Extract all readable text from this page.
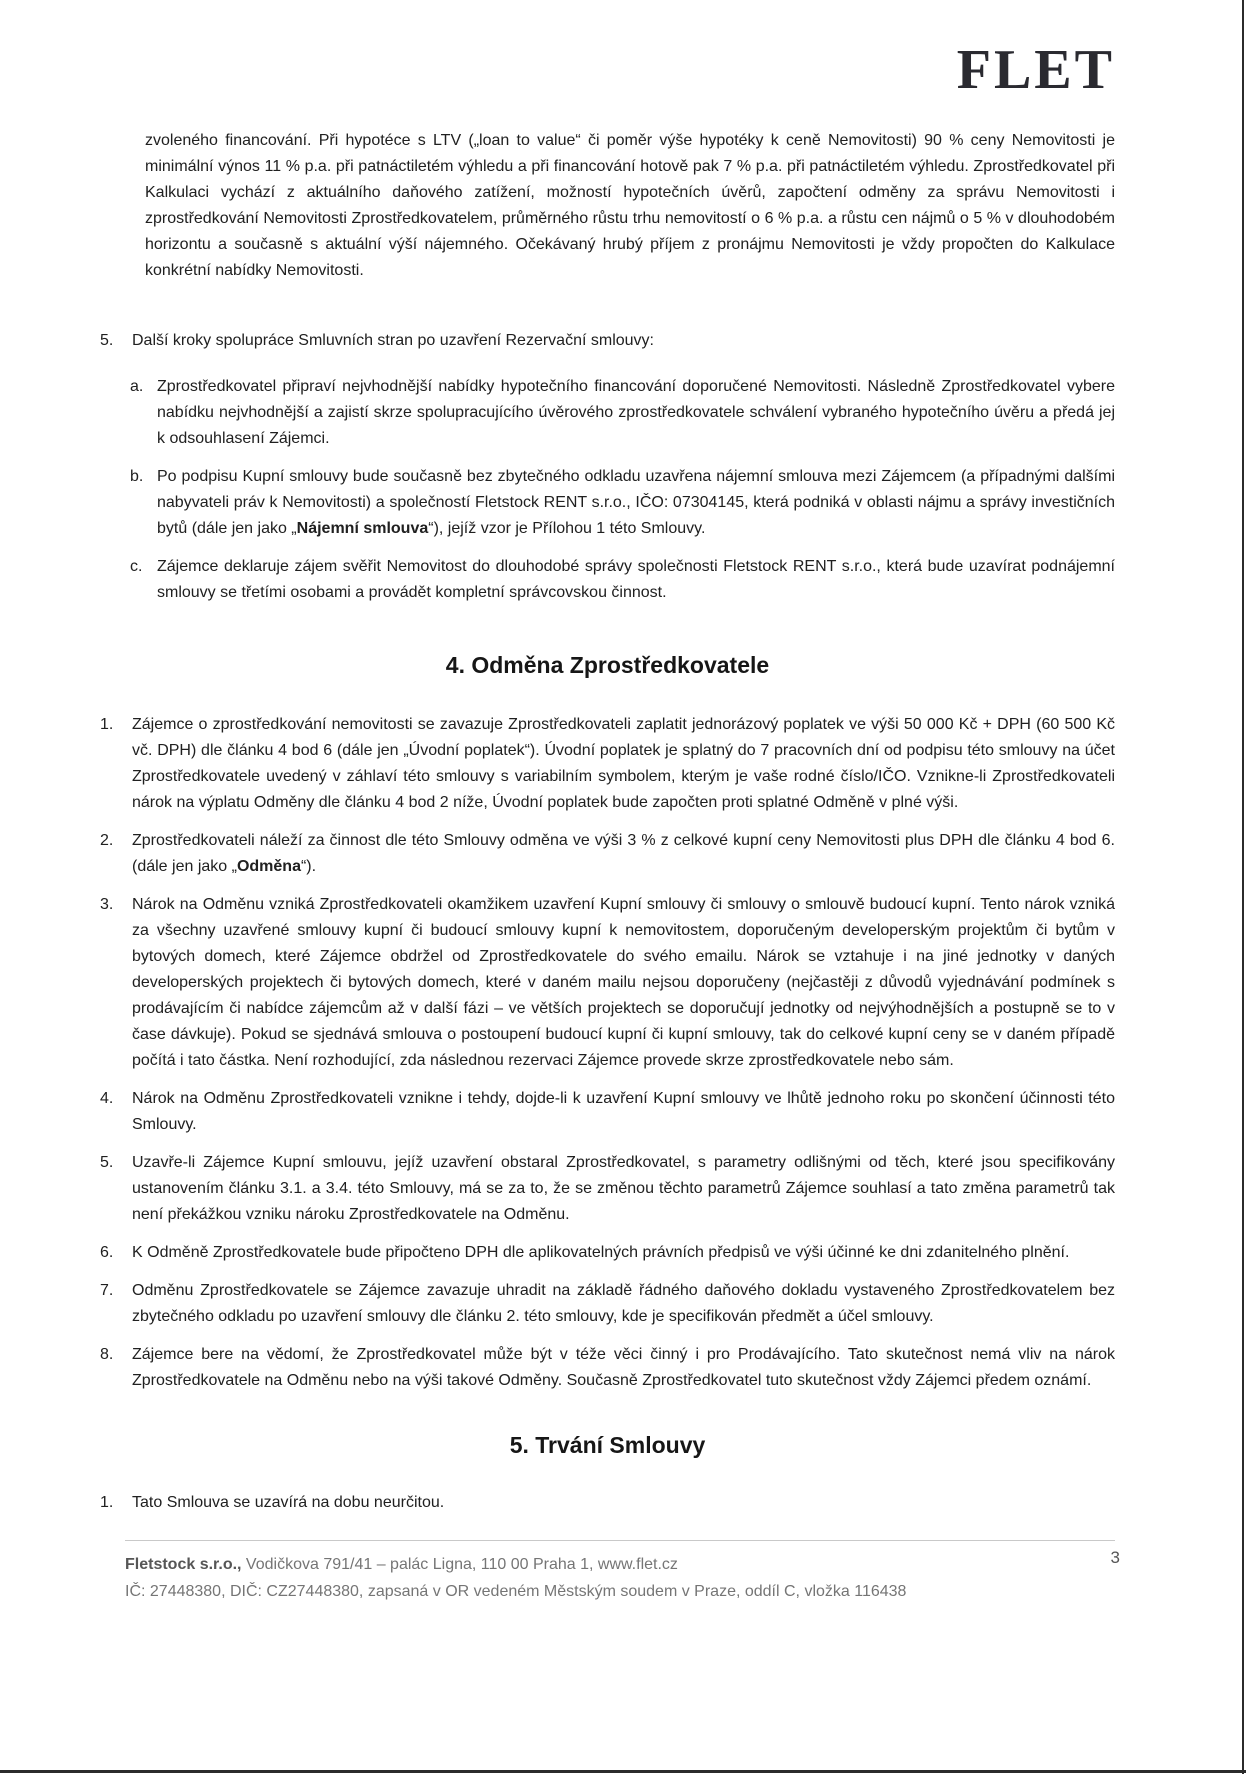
FLET

zvoleného financování. Při hypotéce s LTV („loan to value“ či poměr výše hypotéky k ceně Nemovitosti) 90 % ceny Nemovitosti je minimální výnos 11 % p.a. při patnáctiletém výhledu a při financování hotově pak 7 % p.a. při patnáctiletém výhledu. Zprostředkovatel při Kalkulaci vychází z aktuálního daňového zatížení, možností hypotečních úvěrů, započtení odměny za správu Nemovitosti i zprostředkování Nemovitosti Zprostředkovatelem, průměrného růstu trhu nemovitostí o 6 % p.a. a růstu cen nájmů o 5 % v dlouhodobém horizontu a současně s aktuální výší nájemného. Očekávaný hrubý příjem z pronájmu Nemovitosti je vždy propočten do Kalkulace konkrétní nabídky Nemovitosti.

5.	Další kroky spolupráce Smluvních stran po uzavření Rezervační smlouvy:
a. Zprostředkovatel připraví nejvhodnější nabídky hypotečního financování doporučené Nemovitosti. Následně Zprostředkovatel vybere nabídku nejvhodnější a zajistí skrze spolupracujícího úvěrového zprostředkovatele schválení vybraného hypotečního úvěru a předá jej k odsouhlasení Zájemci.
b. Po podpisu Kupní smlouvy bude současně bez zbytečného odkladu uzavřena nájemní smlouva mezi Zájemcem (a případnými dalšími nabyvateli práv k Nemovitosti) a společností Fletstock RENT s.r.o., IČO: 07304145, která podniká v oblasti nájmu a správy investičních bytů (dále jen jako „Nájemní smlouva“), jejíž vzor je Přílohou 1 této Smlouvy.
c. Zájemce deklaruje zájem svěřit Nemovitost do dlouhodobé správy společnosti Fletstock RENT s.r.o., která bude uzavírat podnájemní smlouvy se třetími osobami a provádět kompletní správcovskou činnost.
4. Odměna Zprostředkovatele
1.	Zájemce o zprostředkování nemovitosti se zavazuje Zprostředkovateli zaplatit jednorázový poplatek ve výši 50 000 Kč + DPH (60 500 Kč vč. DPH) dle článku 4 bod 6 (dále jen „Úvodní poplatek“). Úvodní poplatek je splatný do 7 pracovních dní od podpisu této smlouvy na účet Zprostředkovatele uvedený v záhlaví této smlouvy s variabilním symbolem, kterým je vaše rodné číslo/IČO. Vznikne-li Zprostředkovateli nárok na výplatu Odměny dle článku 4 bod 2 níže, Úvodní poplatek bude započten proti splatné Odměně v plné výši.
2.	Zprostředkovateli náleží za činnost dle této Smlouvy odměna ve výši 3 % z celkové kupní ceny Nemovitosti plus DPH dle článku 4 bod 6.(dále jen jako „Odměna“).
3.	Nárok na Odměnu vzniká Zprostředkovateli okamžikem uzavření Kupní smlouvy či smlouvy o smlouvě budoucí kupní. Tento nárok vzniká za všechny uzavřené smlouvy kupní či budoucí smlouvy kupní k nemovitostem, doporučeným developerským projektům či bytům v bytových domech, které Zájemce obdržel od Zprostředkovatele do svého emailu. Nárok se vztahuje i na jiné jednotky v daných developerských projektech či bytových domech, které v daném mailu nejsou doporučeny (nejčastěji z důvodů vyjednávání podmínek s prodávajícím či nabídce zájemcům až v další fázi – ve větších projektech se doporučují jednotky od nejvýhodnějších a postupně se to v čase dávkuje). Pokud se sjednává smlouva o postoupení budoucí kupní či kupní smlouvy, tak do celkové kupní ceny se v daném případě počítá i tato částka. Není rozhodující, zda následnou rezervaci Zájemce provede skrze zprostředkovatele nebo sám.
4.	Nárok na Odměnu Zprostředkovateli vznikne i tehdy, dojde-li k uzavření Kupní smlouvy ve lhůtě jednoho roku po skončení účinnosti této Smlouvy.
5.	Uzavře-li Zájemce Kupní smlouvu, jejíž uzavření obstaral Zprostředkovatel, s parametry odlišnými od těch, které jsou specifikovány ustanovením článku 3.1. a 3.4. této Smlouvy, má se za to, že se změnou těchto parametrů Zájemce souhlasí a tato změna parametrů tak není překážkou vzniku nároku Zprostředkovatele na Odměnu.
6.	K Odměně Zprostředkovatele bude připočteno DPH dle aplikovatelných právních předpisů ve výši účinné ke dni zdanitelného plnění.
7.	Odměnu Zprostředkovatele se Zájemce zavazuje uhradit na základě řádného daňového dokladu vystaveného Zprostředkovatelem bez zbytečného odkladu po uzavření smlouvy dle článku 2. této smlouvy, kde je specifikován předmět a účel smlouvy.
8.	Zájemce bere na vědomí, že Zprostředkovatel může být v téže věci činný i pro Prodávajícího. Tato skutečnost nemá vliv na nárok Zprostředkovatele na Odměnu nebo na výši takové Odměny. Současně Zprostředkovatel tuto skutečnost vždy Zájemci předem oznámí.
5. Trvání Smlouvy
1.	Tato Smlouva se uzavírá na dobu neurčitou.
Fletstock s.r.o., Vodičkova 791/41 – palác Ligna, 110 00 Praha 1, www.flet.cz
IČ: 27448380, DIČ: CZ27448380, zapsaná v OR vedeném Městským soudem v Praze, oddíl C, vložka 116438
3
